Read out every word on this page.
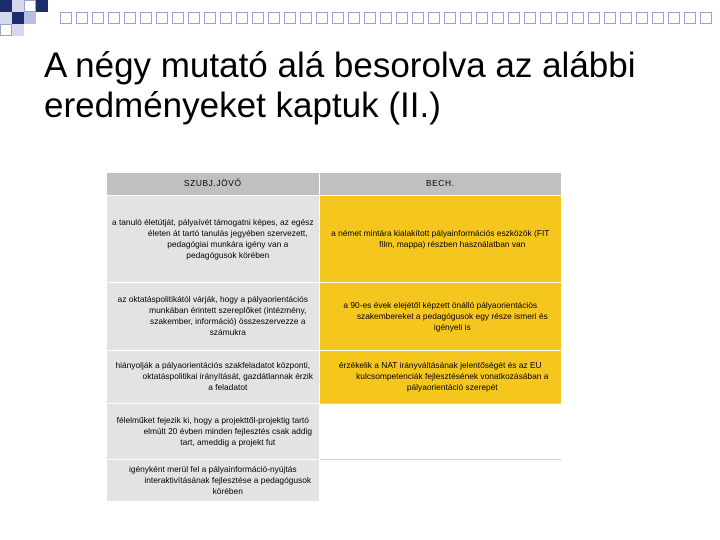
A négy mutató alá besorolva az alábbi eredményeket kaptuk (II.)
SZUBJ.JÖVŐ	BECH.

a tanuló életútját, pályaívét támogatni képes, az egész életen át tartó tanulás jegyében szervezett, pedagógiai munkára igény van a pedagógusok körében	a német mintára kialakított pályainformációs eszközök (FIT film, mappa) részben használatban van

az oktatáspolitikától várják, hogy a pályaorientációs munkában érintett szereplőket (intézmény, szakember, információ) összeszervezze a számukra	a 90-es évek elejétől képzett önálló pályaorientációs szakembereket a pedagógusok egy része ismeri és igényeli is

hiányolják a pályaorientációs szakfeladatot központi, oktatáspolitikai irányítását, gazdátlannak érzik a feladatot	érzékelik a NAT irányváltásának jelentőségét és az EU kulcsompetenciák fejlesztésének vonatkozásában a pályaorientáció szerepét

félelműket fejezik ki, hogy a projekttől-projektig tartó elmúlt 20 évben minden fejlesztés csak addig tart, ameddig a projekt fut	

igényként merül fel a pályainformáció-nyújtás interaktivításának fejlesztése a pedagógusok körében	
